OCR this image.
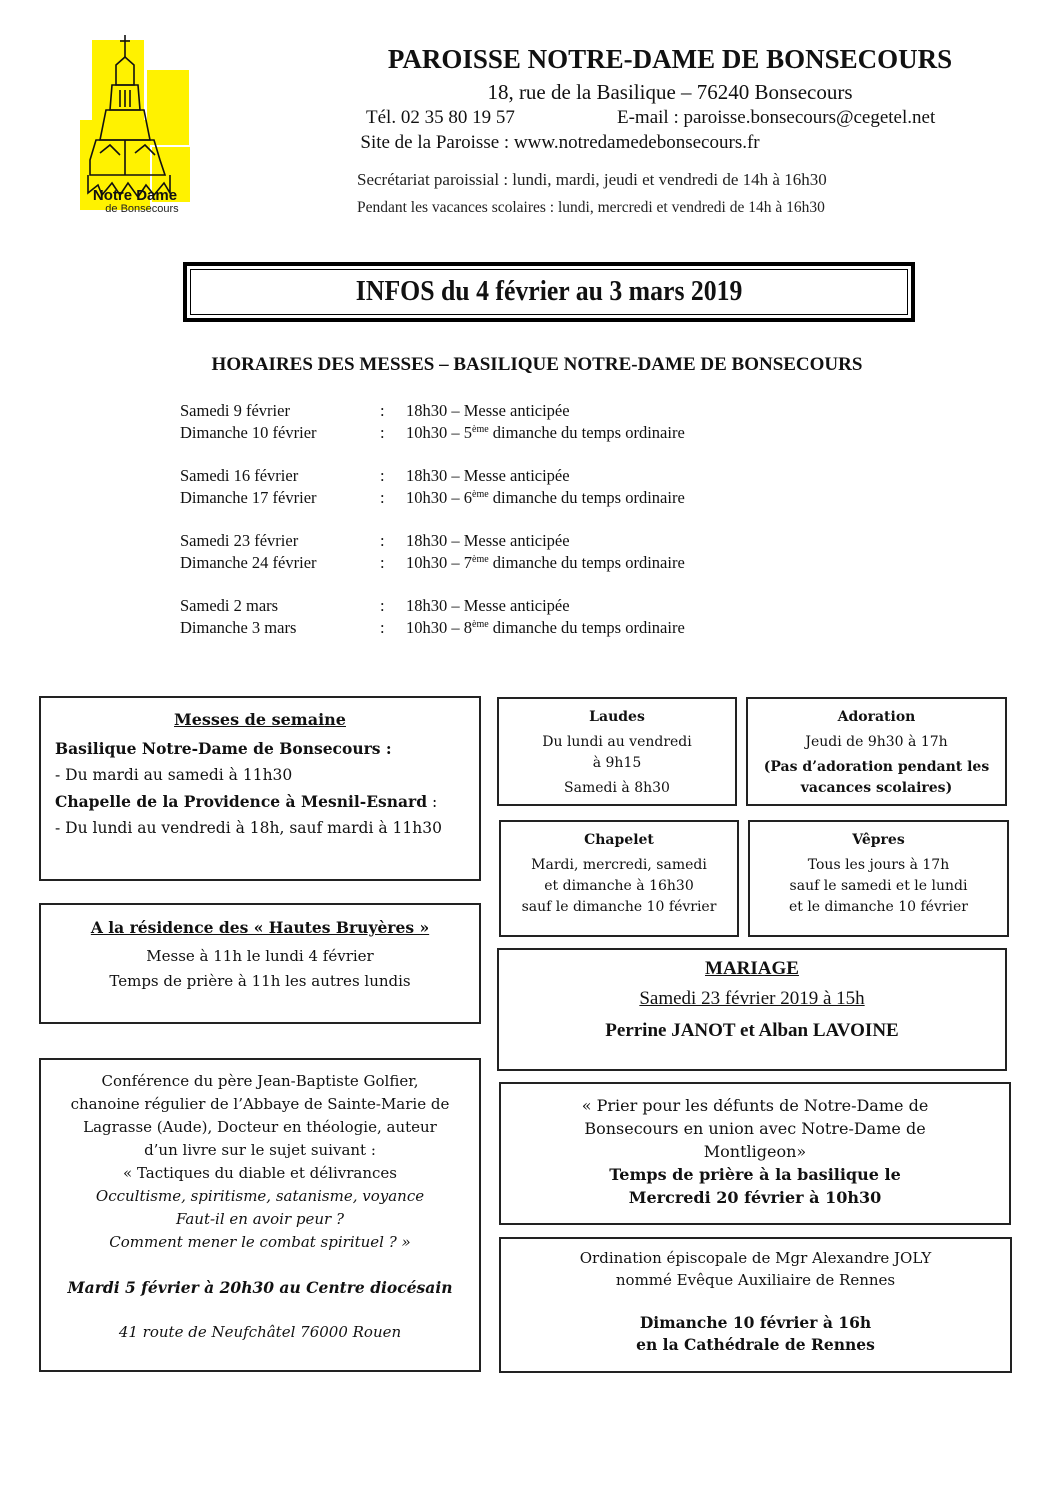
Notre Dame
de Bonsecours
PAROISSE NOTRE-DAME DE BONSECOURS
18, rue de la Basilique – 76240 Bonsecours
Tél. 02 35 80 19 57	E-mail : paroisse.bonsecours@cegetel.net
Site de la Paroisse : www.notredamedebonsecours.fr
Secrétariat paroissial : lundi, mardi, jeudi et vendredi de 14h à 16h30
Pendant les vacances scolaires : lundi, mercredi et vendredi de 14h à 16h30
INFOS du 4 février au 3 mars 2019
HORAIRES DES MESSES – BASILIQUE NOTRE-DAME DE BONSECOURS
Samedi 9 février	:	18h30 – Messe anticipée
Dimanche 10 février	:	10h30 – 5ème dimanche du temps ordinaire
Samedi 16 février	:	18h30 – Messe anticipée
Dimanche 17 février	:	10h30 – 6ème dimanche du temps ordinaire
Samedi 23 février	:	18h30 – Messe anticipée
Dimanche 24 février	:	10h30 – 7ème dimanche du temps ordinaire
Samedi 2 mars	:	18h30 – Messe anticipée
Dimanche 3 mars	:	10h30 – 8ème dimanche du temps ordinaire
Messes de semaine
Basilique Notre-Dame de Bonsecours :
- Du mardi au samedi à 11h30
Chapelle de la Providence à Mesnil-Esnard :
- Du lundi au vendredi à 18h, sauf mardi à 11h30
A la résidence des « Hautes Bruyères »
Messe à 11h le lundi 4 février
Temps de prière à 11h les autres lundis
Conférence du père Jean-Baptiste Golfier,
chanoine régulier de l’Abbaye de Sainte-Marie de
Lagrasse (Aude), Docteur en théologie, auteur
d’un livre sur le sujet suivant :
« Tactiques du diable et délivrances
Occultisme, spiritisme, satanisme, voyance
Faut-il en avoir peur ?
Comment mener le combat spirituel ? »
Mardi 5 février à 20h30 au Centre diocésain
41 route de Neufchâtel 76000 Rouen
Laudes
Du lundi au vendredi
à 9h15
Samedi à 8h30
Adoration
Jeudi de 9h30 à 17h
(Pas d’adoration pendant les vacances scolaires)
Chapelet
Mardi, mercredi, samedi
et dimanche à 16h30
sauf le dimanche 10 février
Vêpres
Tous les jours à 17h
sauf le samedi et le lundi
et le dimanche 10 février
MARIAGE
Samedi 23 février 2019 à 15h
Perrine JANOT et Alban LAVOINE
« Prier pour les défunts de Notre-Dame de
Bonsecours en union avec Notre-Dame de
Montligeon»
Temps de prière à la basilique le
Mercredi 20 février à 10h30
Ordination épiscopale de Mgr Alexandre JOLY
nommé Evêque Auxiliaire de Rennes
Dimanche 10 février à 16h
en la Cathédrale de Rennes
